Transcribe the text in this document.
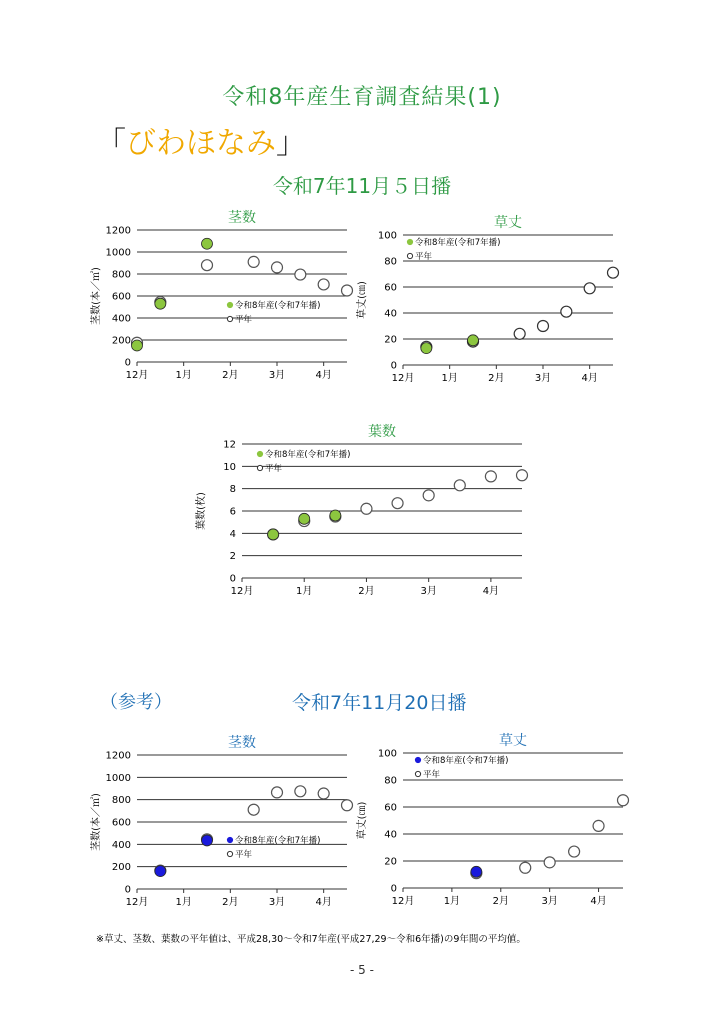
令和8年産生育調査結果(1)
「びわほなみ」
令和7年11月５日播
茎数
0
200
400
600
800
1000
1200
12月	1月	2月	3月	4月
茎数(本／㎡)	令和8年産(令和7年播)
平年
草丈
0
20
40
60
80
100
12月	1月	2月	3月	4月
草丈(㎝)
令和8年産(令和7年播)
平年
葉数
0
2
4
6
8
10
12
12月	1月	2月	3月	4月
葉数(枚)
令和8年産(令和7年播)
平年
（参考）	令和7年11月20日播
茎数
0
200
400
600
800
1000
1200
12月	1月	2月	3月	4月
茎数(本／㎡)	令和8年産(令和7年播)
平年
草丈
0
20
40
60
80
100
12月	1月	2月	3月	4月
草丈(㎝)
令和8年産(令和7年播)
平年
※草丈、茎数、葉数の平年値は、平成28,30～令和7年産(平成27,29～令和6年播)の9年間の平均値。
- 5 -
